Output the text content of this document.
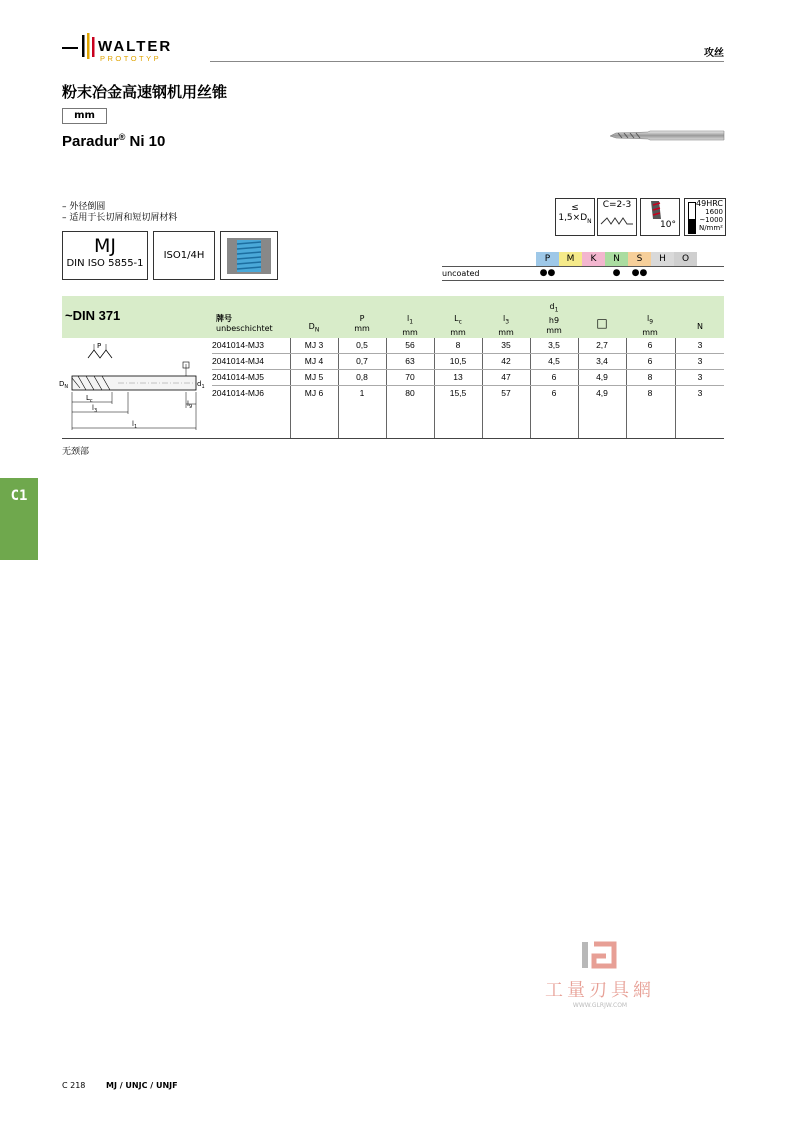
WALTER
PROTOTYP	攻丝
粉末冶金高速钢机用丝锥
mm
Paradur® Ni 10
– 外径倒圆
– 适用于长切屑和短切屑材料
MJ
DIN ISO 5855-1
ISO1/4H
≤
$1,5\times D_N$
C=2-3
10°
49HRC
1600
~1000
N/mm²
P	M	K	N	S	H	O
●●			●	●●		
uncoated
~DIN 371	牌号
unbeschichtet	$D_N$
P
mm
$l_1$
mm
$L_c$
mm
$l_3$
mm
$d_1$
h9
mm
□	$l_9$
mm
N
2041014-MJ3	MJ 3	0,5	56	8	35	3,5	2,7	6	3
2041014-MJ4	MJ 4	0,7	63	10,5	42	4,5	3,4	6	3
2041014-MJ5	MJ 5	0,8	70	13	47	6	4,9	8	3
2041014-MJ6	MJ 6	1	80	15,5	57	6	4,9	8	3
P
$D_N$	$d_1$
$L_c$
$l_3$
$l_9$
$l_1$
无颈部
C1
工量刃具網
WWW.GLRJW.COM
C 218	MJ / UNJC / UNJF
